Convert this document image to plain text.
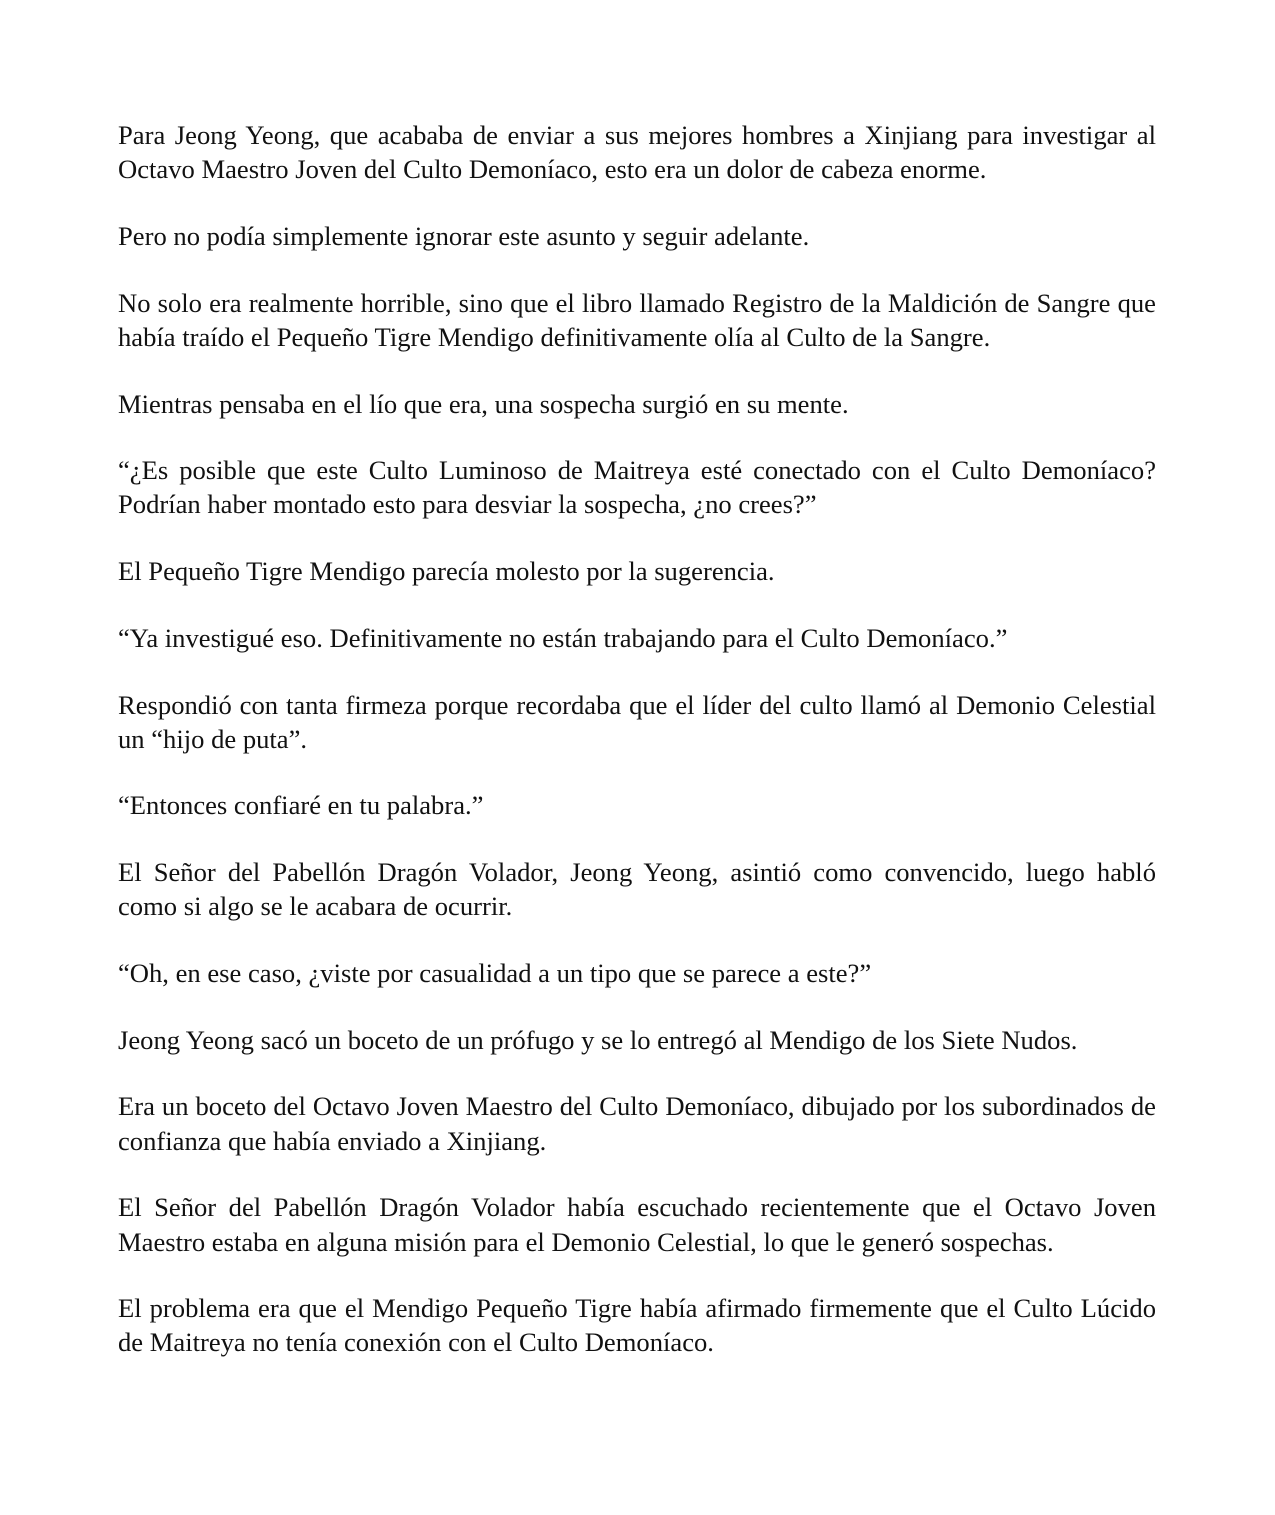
Para Jeong Yeong, que acababa de enviar a sus mejores hombres a Xinjiang para investigar al Octavo Maestro Joven del Culto Demoníaco, esto era un dolor de cabeza enorme.

Pero no podía simplemente ignorar este asunto y seguir adelante.

No solo era realmente horrible, sino que el libro llamado Registro de la Maldición de Sangre que había traído el Pequeño Tigre Mendigo definitivamente olía al Culto de la Sangre.

Mientras pensaba en el lío que era, una sospecha surgió en su mente.

“¿Es posible que este Culto Luminoso de Maitreya esté conectado con el Culto Demoníaco? Podrían haber montado esto para desviar la sospecha, ¿no crees?”

El Pequeño Tigre Mendigo parecía molesto por la sugerencia.

“Ya investigué eso. Definitivamente no están trabajando para el Culto Demoníaco.”

Respondió con tanta firmeza porque recordaba que el líder del culto llamó al Demonio Celestial un “hijo de puta”.

“Entonces confiaré en tu palabra.”

El Señor del Pabellón Dragón Volador, Jeong Yeong, asintió como convencido, luego habló como si algo se le acabara de ocurrir.

“Oh, en ese caso, ¿viste por casualidad a un tipo que se parece a este?”

Jeong Yeong sacó un boceto de un prófugo y se lo entregó al Mendigo de los Siete Nudos.

Era un boceto del Octavo Joven Maestro del Culto Demoníaco, dibujado por los subordinados de confianza que había enviado a Xinjiang.

El Señor del Pabellón Dragón Volador había escuchado recientemente que el Octavo Joven Maestro estaba en alguna misión para el Demonio Celestial, lo que le generó sospechas.

El problema era que el Mendigo Pequeño Tigre había afirmado firmemente que el Culto Lúcido de Maitreya no tenía conexión con el Culto Demoníaco.
